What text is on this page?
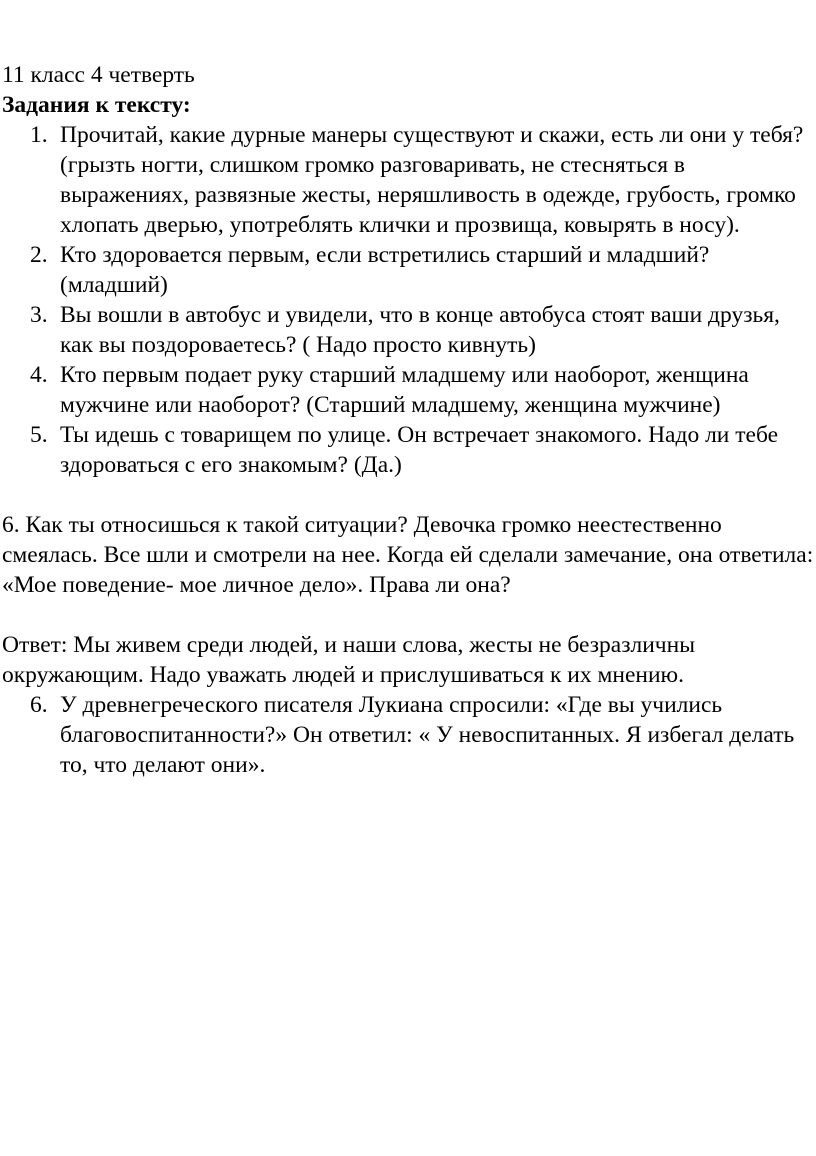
11 класс 4 четверть

Задания к тексту:

1. Прочитай, какие дурные манеры существуют и скажи, есть ли они у тебя? (грызть ногти, слишком громко разговаривать, не стесняться в выражениях, развязные жесты, неряшливость в одежде, грубость, громко хлопать дверью, употреблять клички и прозвища, ковырять в носу).
2. Кто здоровается первым, если встретились старший и младший? (младший)
3. Вы вошли в автобус и увидели, что в конце автобуса стоят ваши друзья, как вы поздороваетесь? ( Надо просто кивнуть)
4. Кто первым подает руку старший младшему или наоборот, женщина мужчине или наоборот? (Старший младшему, женщина мужчине)
5. Ты идешь с товарищем по улице. Он встречает знакомого. Надо ли тебе здороваться с его знакомым? (Да.)

6. Как ты относишься к такой ситуации? Девочка громко неестественно смеялась. Все шли и смотрели на нее. Когда ей сделали замечание, она ответила: «Мое поведение- мое личное дело». Права ли она?

Ответ: Мы живем среди людей, и наши слова, жесты не безразличны окружающим. Надо уважать людей и прислушиваться к их мнению.

6. У древнегреческого писателя Лукиана спросили: «Где вы учились благовоспитанности?» Он ответил: « У невоспитанных. Я избегал делать то, что делают они».
